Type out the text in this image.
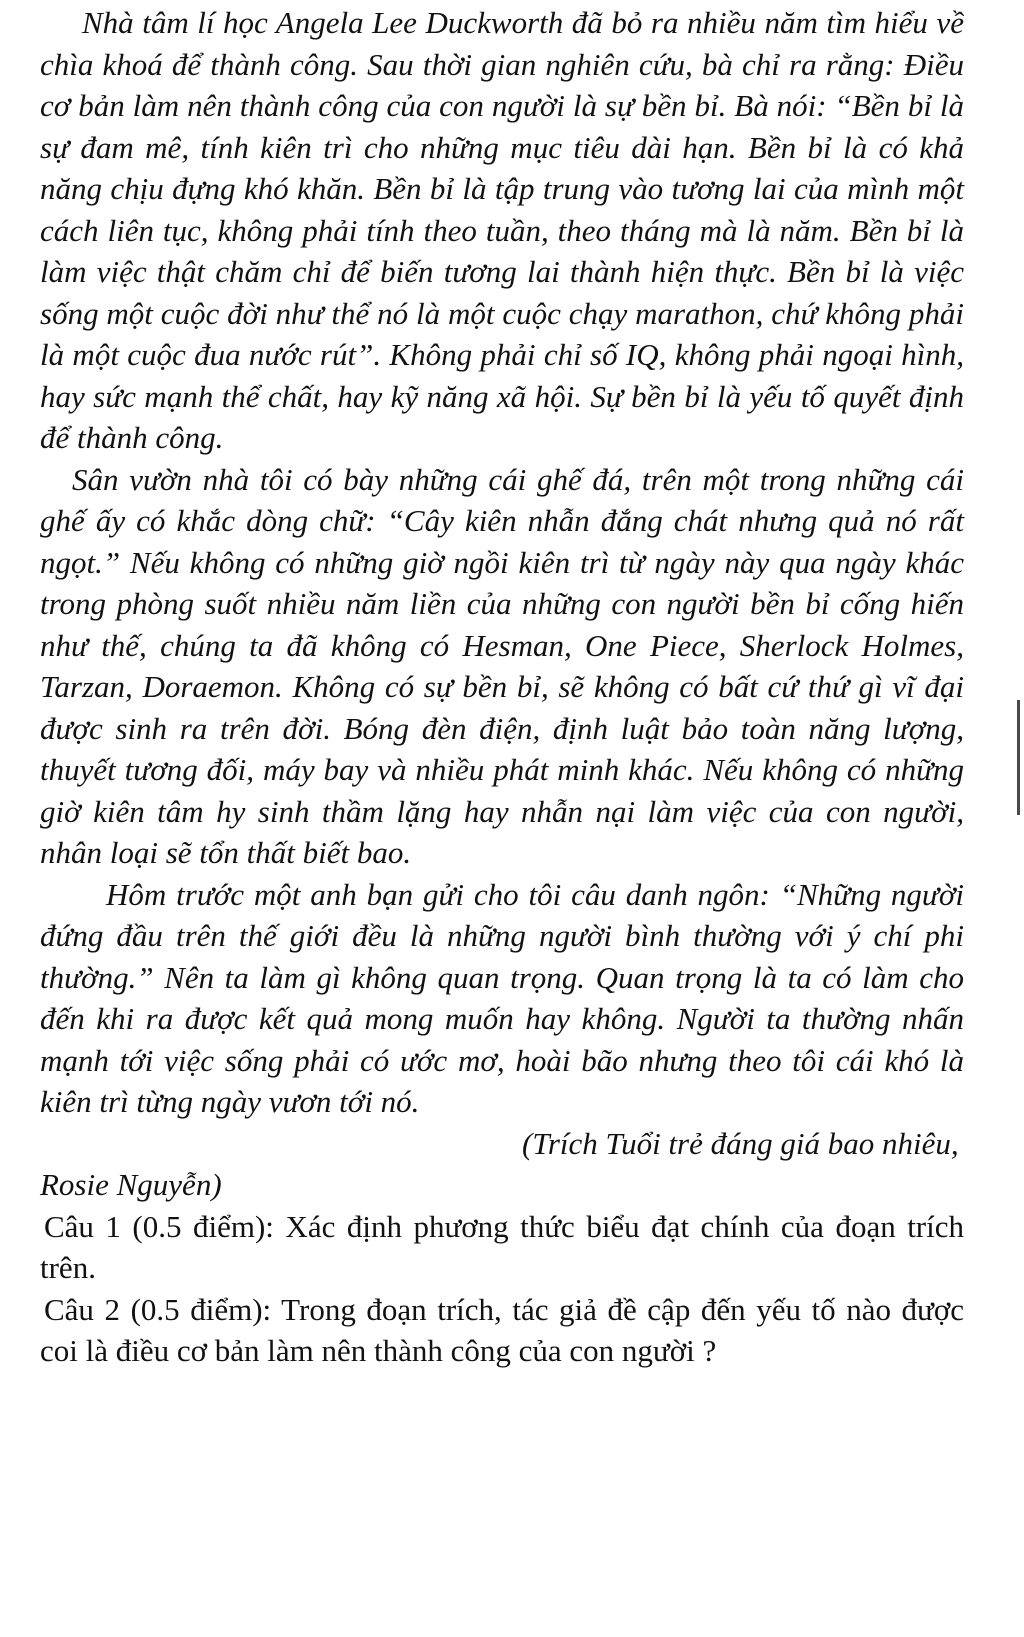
Nhà tâm lí học Angela Lee Duckworth đã bỏ ra nhiều năm tìm hiểu về chìa khoá để thành công. Sau thời gian nghiên cứu, bà chỉ ra rằng: Điều cơ bản làm nên thành công của con người là sự bền bỉ. Bà nói: “Bền bỉ là sự đam mê, tính kiên trì cho những mục tiêu dài hạn. Bền bỉ là có khả năng chịu đựng khó khăn. Bền bỉ là tập trung vào tương lai của mình một cách liên tục, không phải tính theo tuần, theo tháng mà là năm. Bền bỉ là làm việc thật chăm chỉ để biến tương lai thành hiện thực. Bền bỉ là việc sống một cuộc đời như thể nó là một cuộc chạy marathon, chứ không phải là một cuộc đua nước rút”. Không phải chỉ số IQ, không phải ngoại hình, hay sức mạnh thể chất, hay kỹ năng xã hội. Sự bền bỉ là yếu tố quyết định để thành công.

Sân vườn nhà tôi có bày những cái ghế đá, trên một trong những cái ghế ấy có khắc dòng chữ: “Cây kiên nhẫn đắng chát nhưng quả nó rất ngọt.” Nếu không có những giờ ngồi kiên trì từ ngày này qua ngày khác trong phòng suốt nhiều năm liền của những con người bền bỉ cống hiến như thế, chúng ta đã không có Hesman, One Piece, Sherlock Holmes, Tarzan, Doraemon. Không có sự bền bỉ, sẽ không có bất cứ thứ gì vĩ đại được sinh ra trên đời. Bóng đèn điện, định luật bảo toàn năng lượng, thuyết tương đối, máy bay và nhiều phát minh khác. Nếu không có những giờ kiên tâm hy sinh thầm lặng hay nhẫn nại làm việc của con người, nhân loại sẽ tổn thất biết bao.

Hôm trước một anh bạn gửi cho tôi câu danh ngôn: “Những người đứng đầu trên thế giới đều là những người bình thường với ý chí phi thường.” Nên ta làm gì không quan trọng. Quan trọng là ta có làm cho đến khi ra được kết quả mong muốn hay không. Người ta thường nhấn mạnh tới việc sống phải có ước mơ, hoài bão nhưng theo tôi cái khó là kiên trì từng ngày vươn tới nó.

(Trích Tuổi trẻ đáng giá bao nhiêu, Rosie Nguyễn)

Câu 1 (0.5 điểm): Xác định phương thức biểu đạt chính của đoạn trích trên.

Câu 2 (0.5 điểm): Trong đoạn trích, tác giả đề cập đến yếu tố nào được coi là điều cơ bản làm nên thành công của con người ?
